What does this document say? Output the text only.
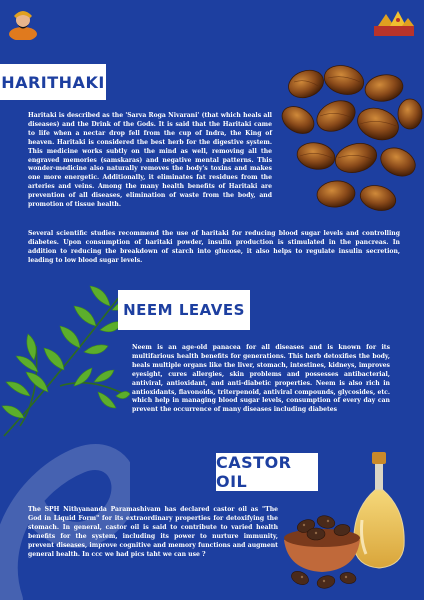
HARITHAKI
Haritaki is described as the 'Sarva Roga Nivarani' (that which heals all diseases) and the Drink of the Gods. It is said that the Haritaki came to life when a nectar drop fell from the cup of Indra, the King of heaven. Haritaki is considered the best herb for the digestive system. This medicine works subtly on the mind as well, removing all the engraved memories (samskaras) and negative mental patterns. This wonder-medicine also naturally removes the body's toxins and makes one more energetic. Additionally, it eliminates fat residues from the arteries and veins. Among the many health benefits of Haritaki are prevention of all diseases, elimination of waste from the body, and promotion of tissue health.
Several scientific studies recommend the use of haritaki for reducing blood sugar levels and controlling diabetes. Upon consumption of haritaki powder, insulin production is stimulated in the pancreas. In addition to reducing the breakdown of starch into glucose, it also helps to regulate insulin secretion, leading to low blood sugar levels.
NEEM LEAVES
Neem is an age-old panacea for all diseases and is known for its multifarious health benefits for generations. This herb detoxifies the body, heals multiple organs like the liver, stomach, intestines, kidneys, improves eyesight, cures allergies, skin problems and possesses antibacterial, antiviral, antioxidant, and anti-diabetic properties. Neem is also rich in antioxidants, flavonoids, triterpenoid, antiviral compounds, glycosides, etc. which help in managing blood sugar levels, consumption of every day can prevent the occurrence of many diseases including diabetes
CASTOR OIL
The SPH Nithyananda Paramashivam has declared castor oil as "The God in Liquid Form" for its extraordinary properties for detoxifying the stomach. In general, castor oil is said to contribute to varied health benefits for the system, including its power to nurture immunity, prevent diseases, improve cognitive and memory functions and augment general health. In ccc we had pics taht we can use ?
